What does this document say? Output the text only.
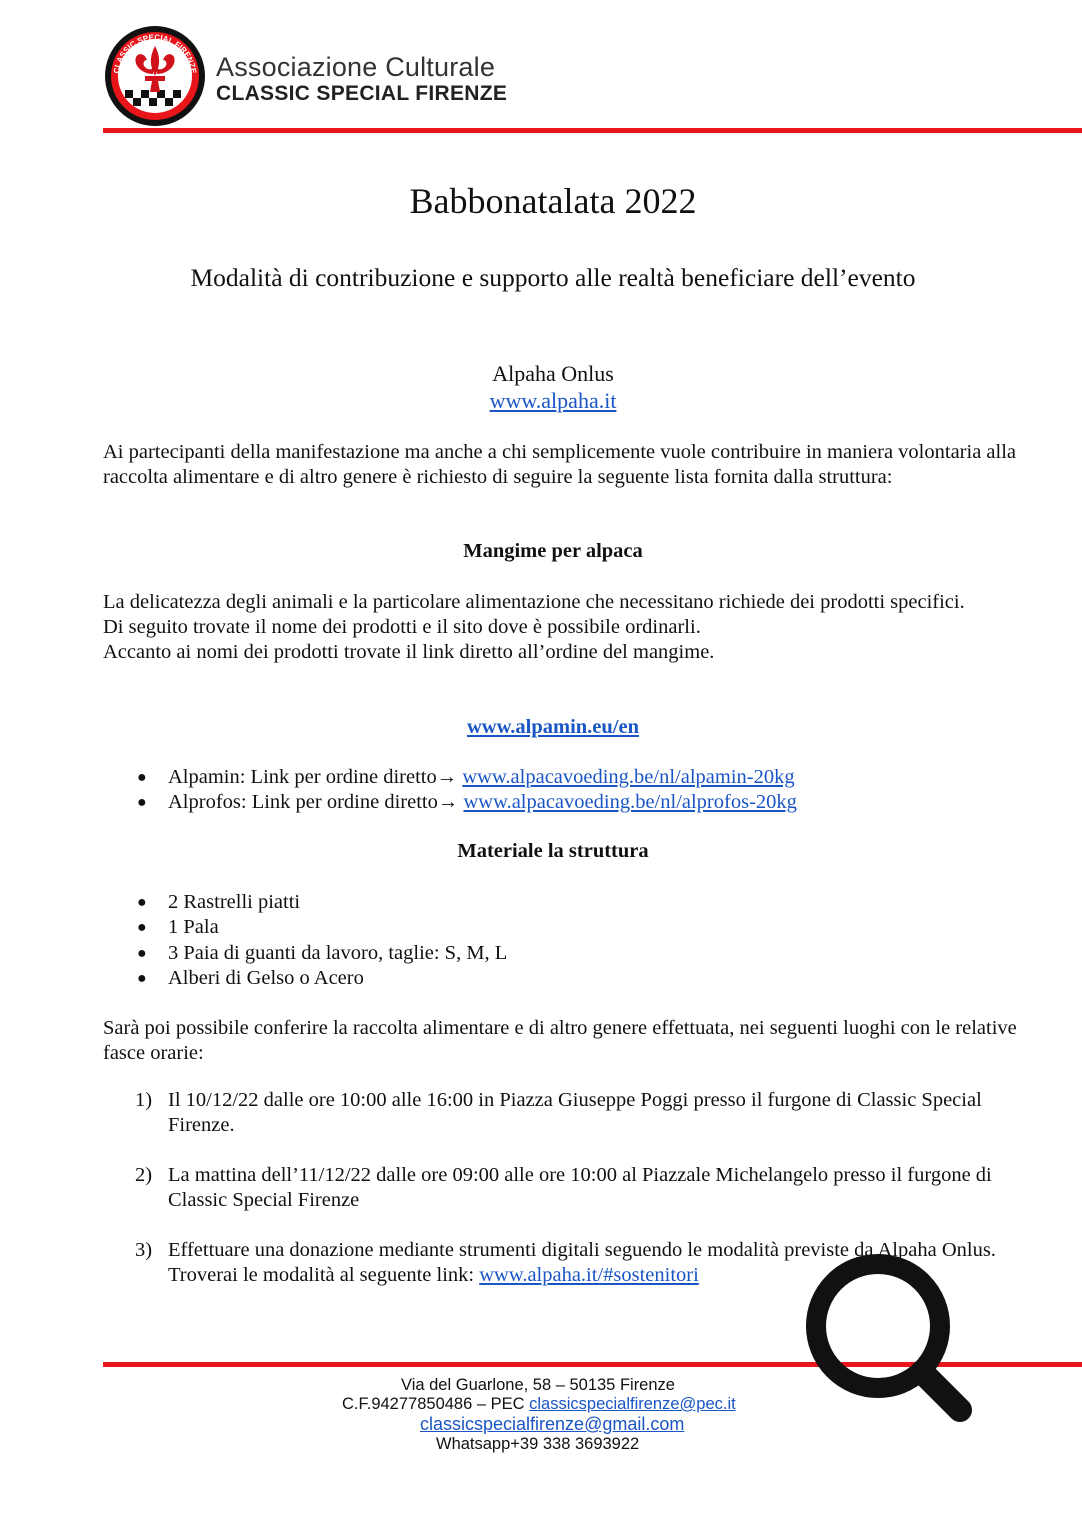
CLASSIC SPECIAL FIRENZE Associazione Culturale
CLASSIC SPECIAL FIRENZE
Babbonatalata 2022
Modalità di contribuzione e supporto alle realtà beneficiare dell’evento
Alpaha Onlus
www.alpaha.it
Ai partecipanti della manifestazione ma anche a chi semplicemente vuole contribuire in maniera volontaria alla raccolta alimentare e di altro genere è richiesto di seguire la seguente lista fornita dalla struttura:
Mangime per alpaca
La delicatezza degli animali e la particolare alimentazione che necessitano richiede dei prodotti specifici.
Di seguito trovate il nome dei prodotti e il sito dove è possibile ordinarli.
Accanto ai nomi dei prodotti trovate il link diretto all’ordine del mangime.
www.alpamin.eu/en
● Alpamin: Link per ordine diretto→ www.alpacavoeding.be/nl/alpamin-20kg
● Alprofos: Link per ordine diretto→ www.alpacavoeding.be/nl/alprofos-20kg
Materiale la struttura
● 2 Rastrelli piatti
● 1 Pala
● 3 Paia di guanti da lavoro, taglie: S, M, L
● Alberi di Gelso o Acero
Sarà poi possibile conferire la raccolta alimentare e di altro genere effettuata, nei seguenti luoghi con le relative fasce orarie:
1) Il 10/12/22 dalle ore 10:00 alle 16:00 in Piazza Giuseppe Poggi presso il furgone di Classic Special Firenze.
2) La mattina dell’11/12/22 dalle ore 09:00 alle ore 10:00 al Piazzale Michelangelo presso il furgone di Classic Special Firenze
3) Effettuare una donazione mediante strumenti digitali seguendo le modalità previste da Alpaha Onlus.
Troverai le modalità al seguente link: www.alpaha.it/#sostenitori
Via del Guarlone, 58 – 50135 Firenze
C.F.94277850486 – PEC classicspecialfirenze@pec.it
classicspecialfirenze@gmail.com
Whatsapp+39 338 3693922
